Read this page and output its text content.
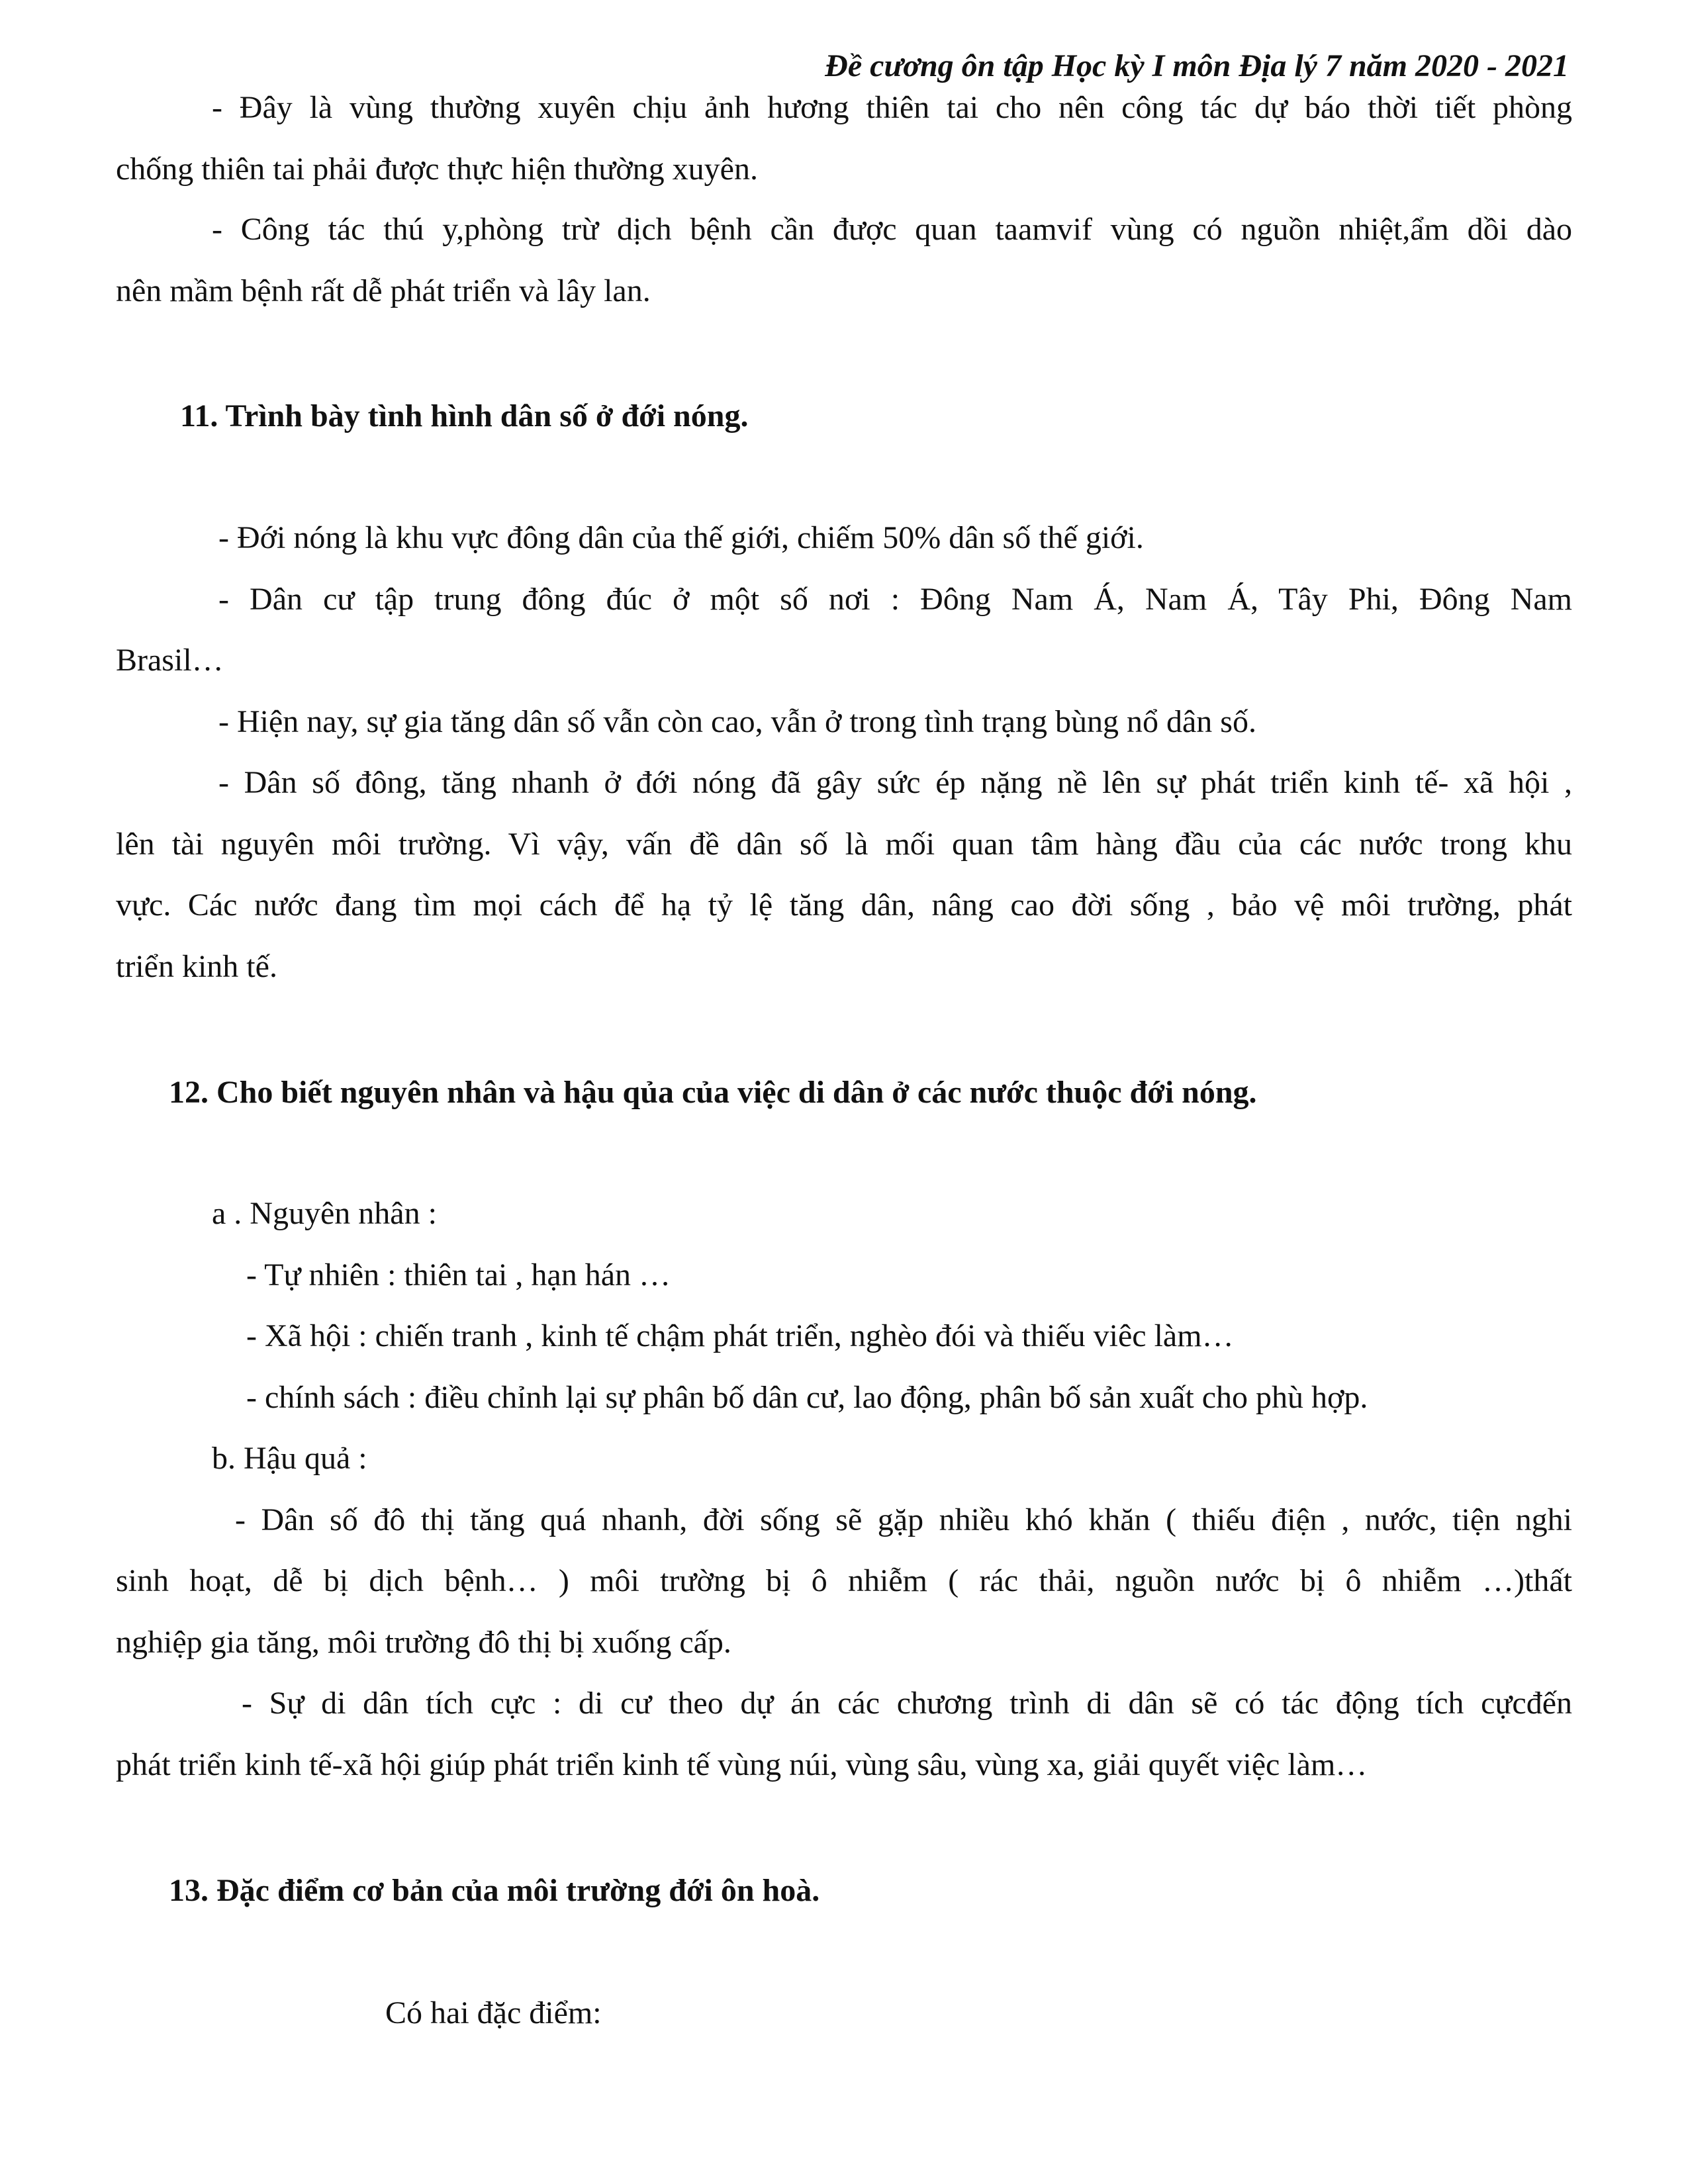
Đề cương ôn tập Học kỳ I môn Địa lý 7 năm 2020 - 2021
- Đây là vùng thường xuyên chịu ảnh hương thiên tai cho nên công tác dự báo thời tiết phòng
chống thiên tai phải được thực hiện thường xuyên.
- Công tác thú y,phòng trừ dịch bệnh cần được quan taamvif vùng có nguồn nhiệt,ẩm dồi dào
nên mầm bệnh rất dễ phát triển và lây lan.
11. Trình bày tình hình dân số ở đới nóng.
- Đới nóng là khu vực đông dân của thế giới, chiếm 50% dân số thế giới.
- Dân cư tập trung đông đúc ở một số nơi : Đông Nam Á, Nam Á, Tây Phi, Đông Nam
Brasil…
- Hiện nay, sự gia tăng dân số vẫn còn cao, vẫn ở trong tình trạng bùng nổ dân số.
- Dân số đông, tăng nhanh ở đới nóng đã gây sức ép nặng nề lên sự phát triển kinh tế- xã hội ,
lên tài nguyên môi trường. Vì vậy, vấn đề dân số là mối quan tâm hàng đầu của các nước trong khu
vực. Các nước đang tìm mọi cách để hạ tỷ lệ tăng dân, nâng cao đời sống , bảo vệ môi trường, phát
triển kinh tế.
12. Cho biết nguyên nhân và hậu qủa của việc di dân ở các nước thuộc đới nóng.
a . Nguyên nhân :
- Tự nhiên : thiên tai , hạn hán …
- Xã hội : chiến tranh , kinh tế chậm phát triển, nghèo đói và thiếu viêc làm…
- chính sách : điều chỉnh lại sự phân bố dân cư, lao động, phân bố sản xuất cho phù hợp.
b. Hậu quả :
- Dân số đô thị tăng quá nhanh, đời sống sẽ gặp nhiều khó khăn ( thiếu điện , nước, tiện nghi
sinh hoạt, dễ bị dịch bệnh… ) môi trường bị ô nhiễm ( rác thải, nguồn nước bị ô nhiễm …)thất
nghiệp gia tăng, môi trường đô thị bị xuống cấp.
- Sự di dân tích cực : di cư theo dự án các chương trình di dân sẽ có tác động tích cựcđến
phát triển kinh tế-xã hội giúp phát triển kinh tế vùng núi, vùng sâu, vùng xa, giải quyết việc làm…
13. Đặc điểm cơ bản của môi trường đới ôn hoà.
Có hai đặc điểm:
